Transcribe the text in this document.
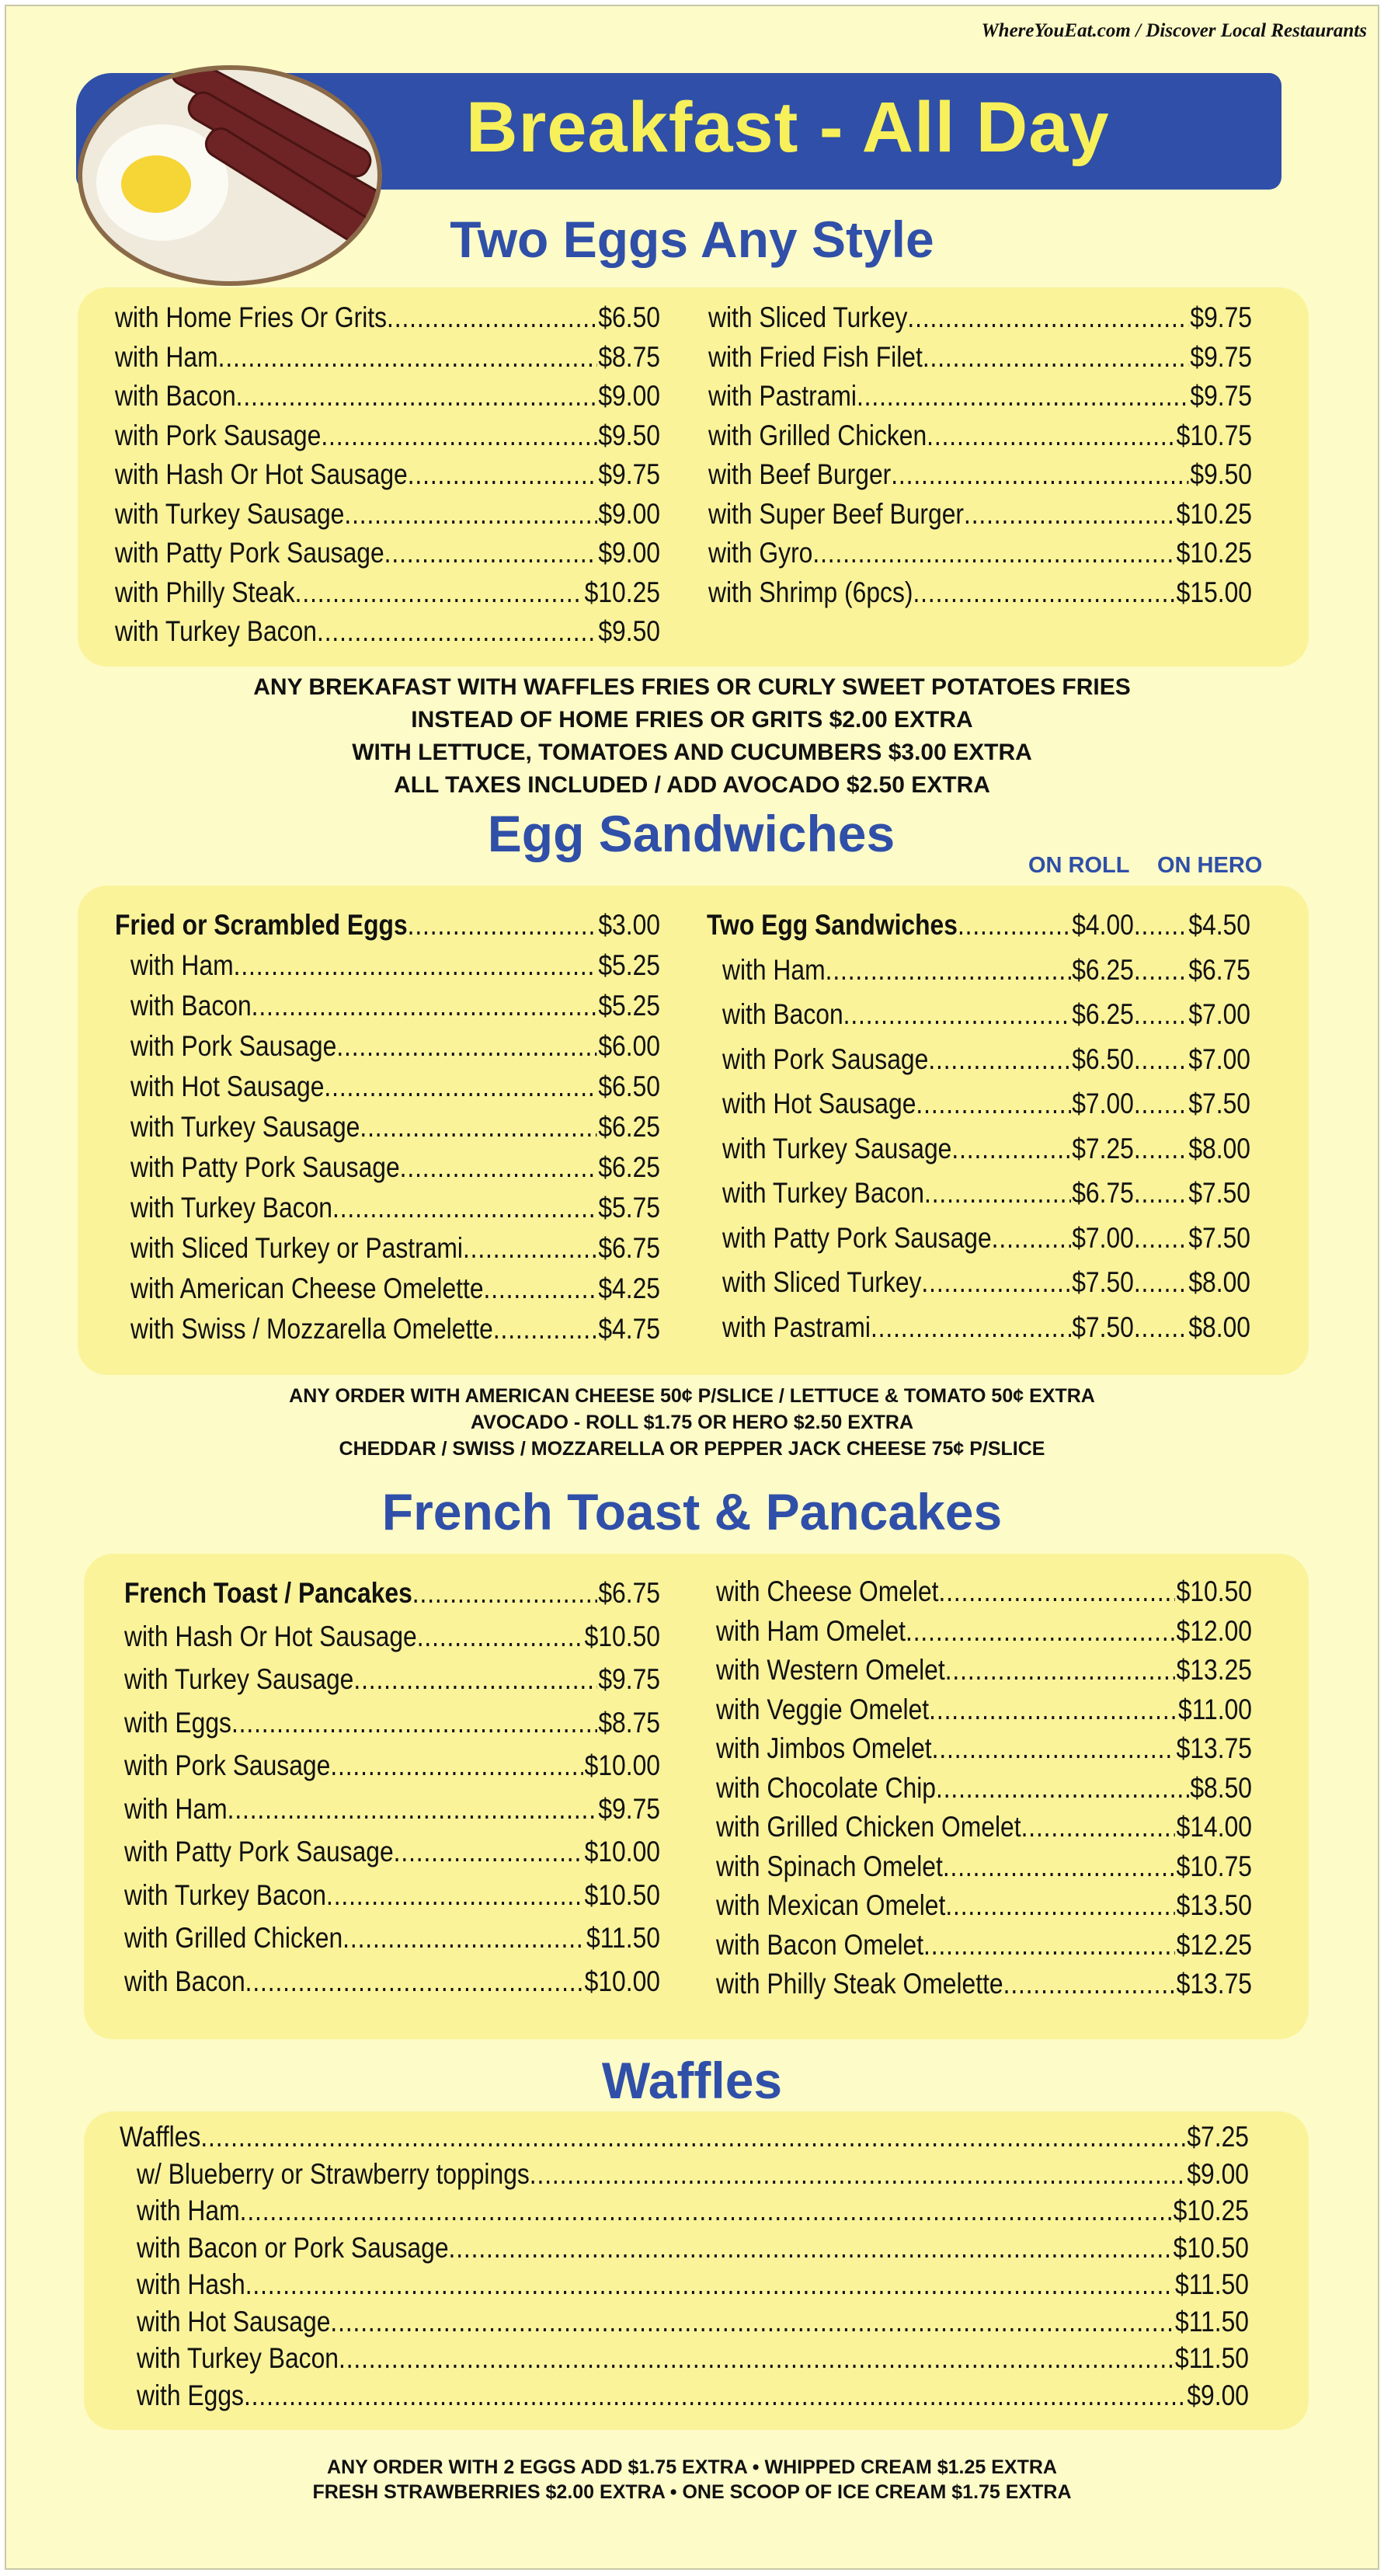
WhereYouEat.com / Discover Local Restaurants
Breakfast - All Day
Two Eggs Any Style
with Home Fries Or Grits .....	$6.50
with Ham .....	$8.75
with Bacon .....	$9.00
with Pork Sausage .....	$9.50
with Hash Or Hot Sausage .....	$9.75
with Turkey Sausage .....	$9.00
with Patty Pork Sausage .....	$9.00
with Philly Steak .....	$10.25
with Turkey Bacon .....	$9.50
with Sliced Turkey .....	$9.75
with Fried Fish Filet .....	$9.75
with Pastrami .....	$9.75
with Grilled Chicken .....	$10.75
with Beef Burger .....	$9.50
with Super Beef Burger .....	$10.25
with Gyro .....	$10.25
with Shrimp (6pcs) .....	$15.00
ANY BREKAFAST WITH WAFFLES FRIES OR CURLY SWEET POTATOES FRIES
INSTEAD OF HOME FRIES OR GRITS $2.00 EXTRA
WITH LETTUCE, TOMATOES AND CUCUMBERS $3.00 EXTRA
ALL TAXES INCLUDED / ADD AVOCADO $2.50 EXTRA
Egg Sandwiches
ON ROLL ON HERO
Fried or Scrambled Eggs .....	$3.00
with Ham .....	$5.25
with Bacon .....	$5.25
with Pork Sausage .....	$6.00
with Hot Sausage .....	$6.50
with Turkey Sausage .....	$6.25
with Patty Pork Sausage .....	$6.25
with Turkey Bacon .....	$5.75
with Sliced Turkey or Pastrami .....	$6.75
with American Cheese Omelette .....	$4.25
with Swiss / Mozzarella Omelette .....	$4.75
Two Egg Sandwiches .....	$4.00 ..... $4.50
with Ham .....	$6.25 ..... $6.75
with Bacon .....	$6.25 ..... $7.00
with Pork Sausage .....	$6.50 ..... $7.00
with Hot Sausage .....	$7.00 ..... $7.50
with Turkey Sausage .....	$7.25 ..... $8.00
with Turkey Bacon .....	$6.75 ..... $7.50
with Patty Pork Sausage .....	$7.00 ..... $7.50
with Sliced Turkey .....	$7.50 ..... $8.00
with Pastrami .....	$7.50 ..... $8.00
ANY ORDER WITH AMERICAN CHEESE 50¢ P/SLICE / LETTUCE & TOMATO 50¢ EXTRA
AVOCADO - ROLL $1.75 OR HERO $2.50 EXTRA
CHEDDAR / SWISS / MOZZARELLA OR PEPPER JACK CHEESE 75¢ P/SLICE
French Toast & Pancakes
French Toast / Pancakes .....	$6.75
with Hash Or Hot Sausage .....	$10.50
with Turkey Sausage .....	$9.75
with Eggs .....	$8.75
with Pork Sausage .....	$10.00
with Ham .....	$9.75
with Patty Pork Sausage .....	$10.00
with Turkey Bacon .....	$10.50
with Grilled Chicken .....	$11.50
with Bacon .....	$10.00
with Cheese Omelet .....	$10.50
with Ham Omelet .....	$12.00
with Western Omelet .....	$13.25
with Veggie Omelet .....	$11.00
with Jimbos Omelet .....	$13.75
with Chocolate Chip .....	$8.50
with Grilled Chicken Omelet .....	$14.00
with Spinach Omelet .....	$10.75
with Mexican Omelet .....	$13.50
with Bacon Omelet .....	$12.25
with Philly Steak Omelette .....	$13.75
Waffles
Waffles .....	$7.25
w/ Blueberry or Strawberry toppings .....	$9.00
with Ham .....	$10.25
with Bacon or Pork Sausage .....	$10.50
with Hash .....	$11.50
with Hot Sausage .....	$11.50
with Turkey Bacon .....	$11.50
with Eggs .....	$9.00
ANY ORDER WITH 2 EGGS ADD $1.75 EXTRA • WHIPPED CREAM $1.25 EXTRA
FRESH STRAWBERRIES $2.00 EXTRA • ONE SCOOP OF ICE CREAM $1.75 EXTRA
